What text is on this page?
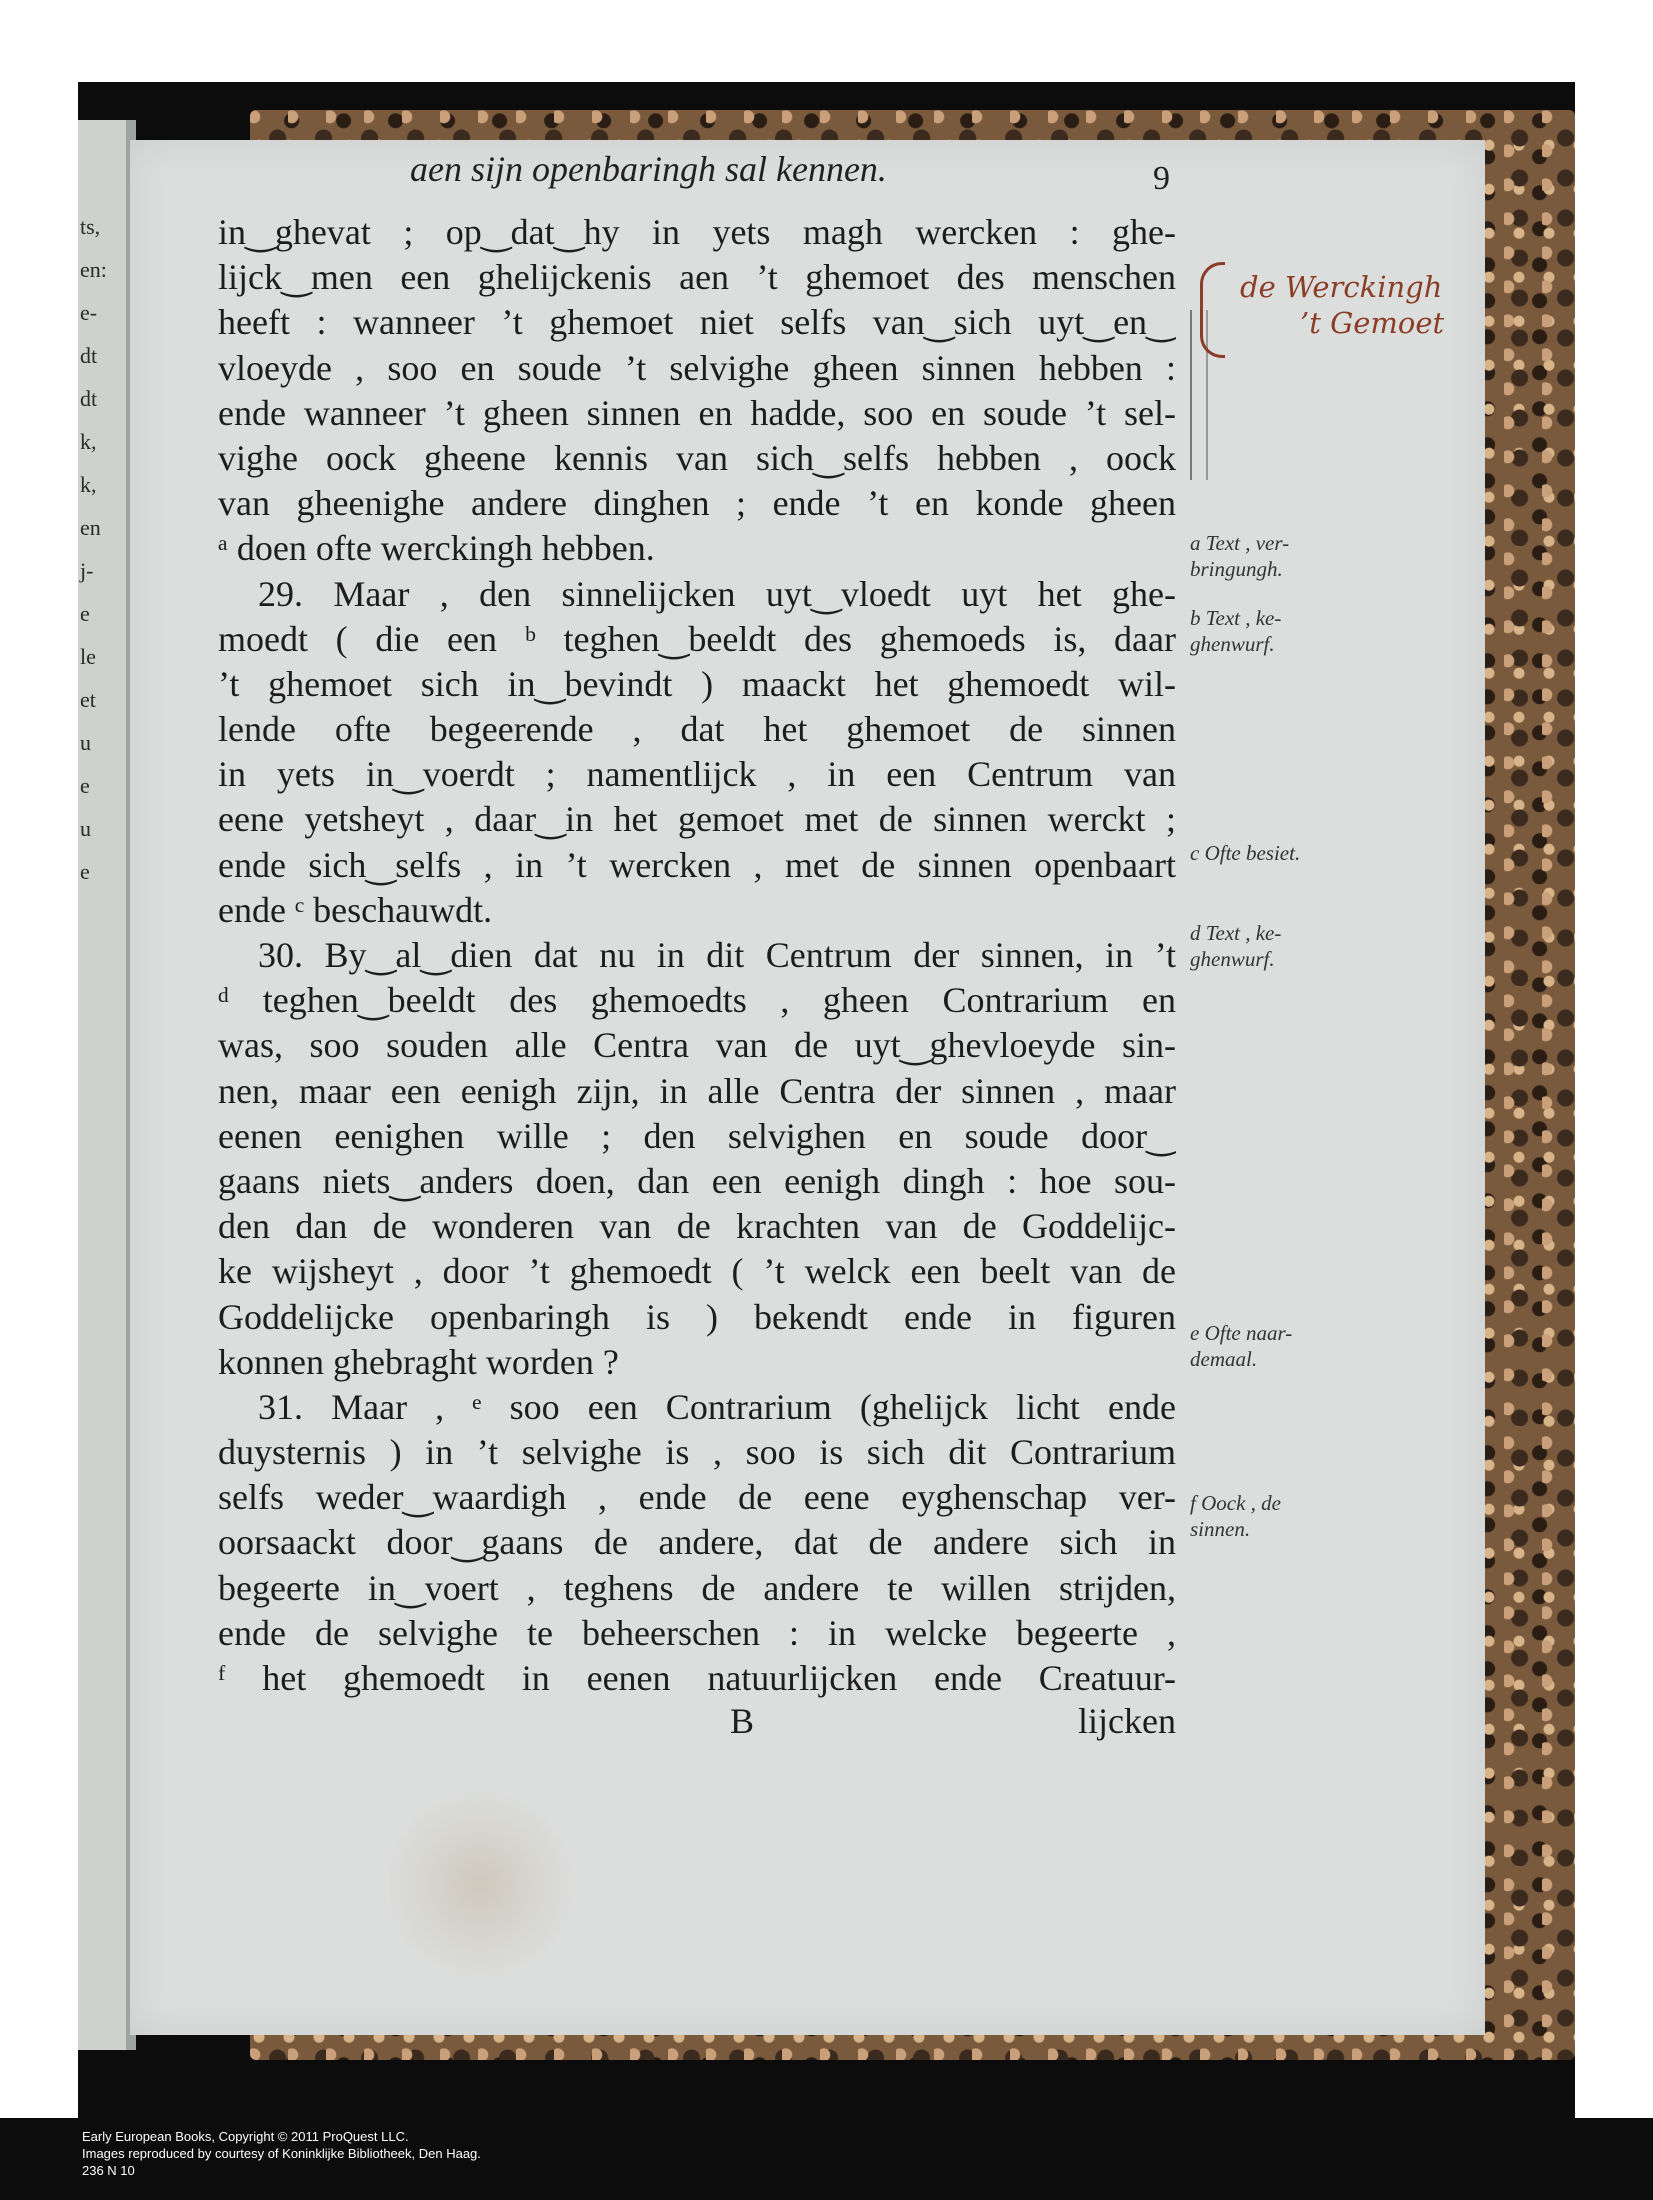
ts,
en:
e-
dt
dt
k,
k,
en
j-
e
le
et
u
e
u
e
aen sijn openbaringh sal kennen.	9
in‿ghevat ; op‿dat‿hy in yets magh wercken : ghe-
lijck‿men een ghelijckenis aen ’t ghemoet des menschen
heeft : wanneer ’t ghemoet niet selfs van‿sich uyt‿en‿
vloeyde , soo en soude ’t selvighe gheen sinnen hebben :
ende wanneer ’t gheen sinnen en hadde, soo en soude ’t sel-
vighe oock gheene kennis van sich‿selfs hebben , oock
van gheenighe andere dinghen ; ende ’t en konde gheen
ᵃ doen ofte werckingh hebben.
29. Maar , den sinnelijcken uyt‿vloedt uyt het ghe-
moedt ( die een ᵇ teghen‿beeldt des ghemoeds is, daar
’t ghemoet sich in‿bevindt ) maackt het ghemoedt wil-
lende ofte begeerende , dat het ghemoet de sinnen
in yets in‿voerdt ; namentlijck , in een Centrum van
eene yetsheyt , daar‿in het gemoet met de sinnen werckt ;
ende sich‿selfs , in ’t wercken , met de sinnen openbaart
ende ᶜ beschauwdt.
30. By‿al‿dien dat nu in dit Centrum der sinnen, in ’t
ᵈ teghen‿beeldt des ghemoedts , gheen Contrarium en
was, soo souden alle Centra van de uyt‿ghevloeyde sin-
nen, maar een eenigh zijn, in alle Centra der sinnen , maar
eenen eenighen wille ; den selvighen en soude door‿
gaans niets‿anders doen, dan een eenigh dingh : hoe sou-
den dan de wonderen van de krachten van de Goddelijc-
ke wijsheyt , door ’t ghemoedt ( ’t welck een beelt van de
Goddelijcke openbaringh is ) bekendt ende in figuren
konnen ghebraght worden ?
31. Maar , ᵉ soo een Contrarium (ghelijck licht ende
duysternis ) in ’t selvighe is , soo is sich dit Contrarium
selfs weder‿waardigh , ende de eene eyghenschap ver-
oorsaackt door‿gaans de andere, dat de andere sich in
begeerte in‿voert , teghens de andere te willen strijden,
ende de selvighe te beheerschen : in welcke begeerte ,
ᶠ het ghemoedt in eenen natuurlijcken ende Creatuur-
B	lijcken
a Text , ver-
bringungh.
b Text , ke-
ghenwurf.
c Ofte besiet.
d Text , ke-
ghenwurf.
e Ofte naar-
demaal.
f Oock , de
sinnen.
de Werckingh
’t Gemoet
Early European Books, Copyright © 2011 ProQuest LLC.
Images reproduced by courtesy of Koninklijke Bibliotheek, Den Haag.
236 N 10
